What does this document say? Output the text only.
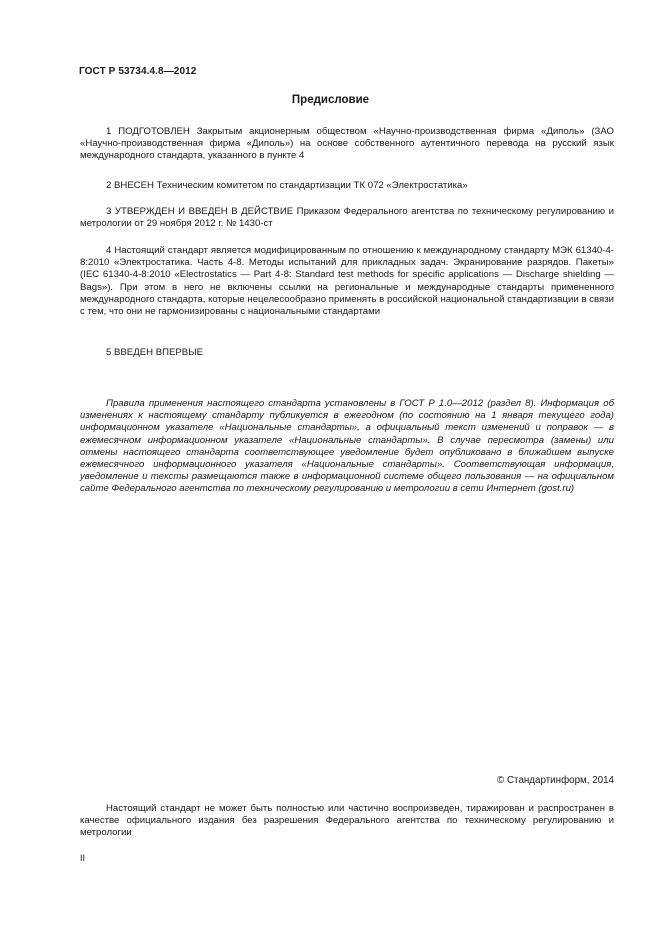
ГОСТ Р 53734.4.8—2012
Предисловие

1 ПОДГОТОВЛЕН Закрытым акционерным обществом «Научно-производственная фирма «Диполь» (ЗАО «Научно-производственная фирма «Диполь») на основе собственного аутентичного перевода на русский язык международного стандарта, указанного в пункте 4

2 ВНЕСЕН Техническим комитетом по стандартизации ТК 072 «Электростатика»

3 УТВЕРЖДЕН И ВВЕДЕН В ДЕЙСТВИЕ Приказом Федерального агентства по техническому регулированию и метрологии от 29 ноября 2012 г. № 1430-ст

4 Настоящий стандарт является модифицированным по отношению к международному стандарту МЭК 61340-4-8:2010 «Электростатика. Часть 4-8. Методы испытаний для прикладных задач. Экранирование разрядов. Пакеты» (IEC 61340-4-8:2010 «Electrostatics — Part 4-8: Standard test methods for specific applications — Discharge shielding — Bags»). При этом в него не включены ссылки на региональные и международные стандарты примененного международного стандарта, которые нецелесообразно применять в российской национальной стандартизации в связи с тем, что они не гармонизированы с национальными стандартами

5 ВВЕДЕН ВПЕРВЫЕ

Правила применения настоящего стандарта установлены в ГОСТ Р 1.0—2012 (раздел 8). Информация об изменениях к настоящему стандарту публикуется в ежегодном (по состоянию на 1 января текущего года) информационном указателе «Национальные стандарты», а официальный текст изменений и поправок — в ежемесячном информационном указателе «Национальные стандарты». В случае пересмотра (замены) или отмены настоящего стандарта соответствующее уведомление будет опубликовано в ближайшем выпуске ежемесячного информационного указателя «Национальные стандарты». Соответствующая информация, уведомление и тексты размещаются также в информационной системе общего пользования — на официальном сайте Федерального агентства по техническому регулированию и метрологии в сети Интернет (gost.ru)

© Стандартинформ, 2014

Настоящий стандарт не может быть полностью или частично воспроизведен, тиражирован и распространен в качестве официального издания без разрешения Федерального агентства по техническому регулированию и метрологии

II
